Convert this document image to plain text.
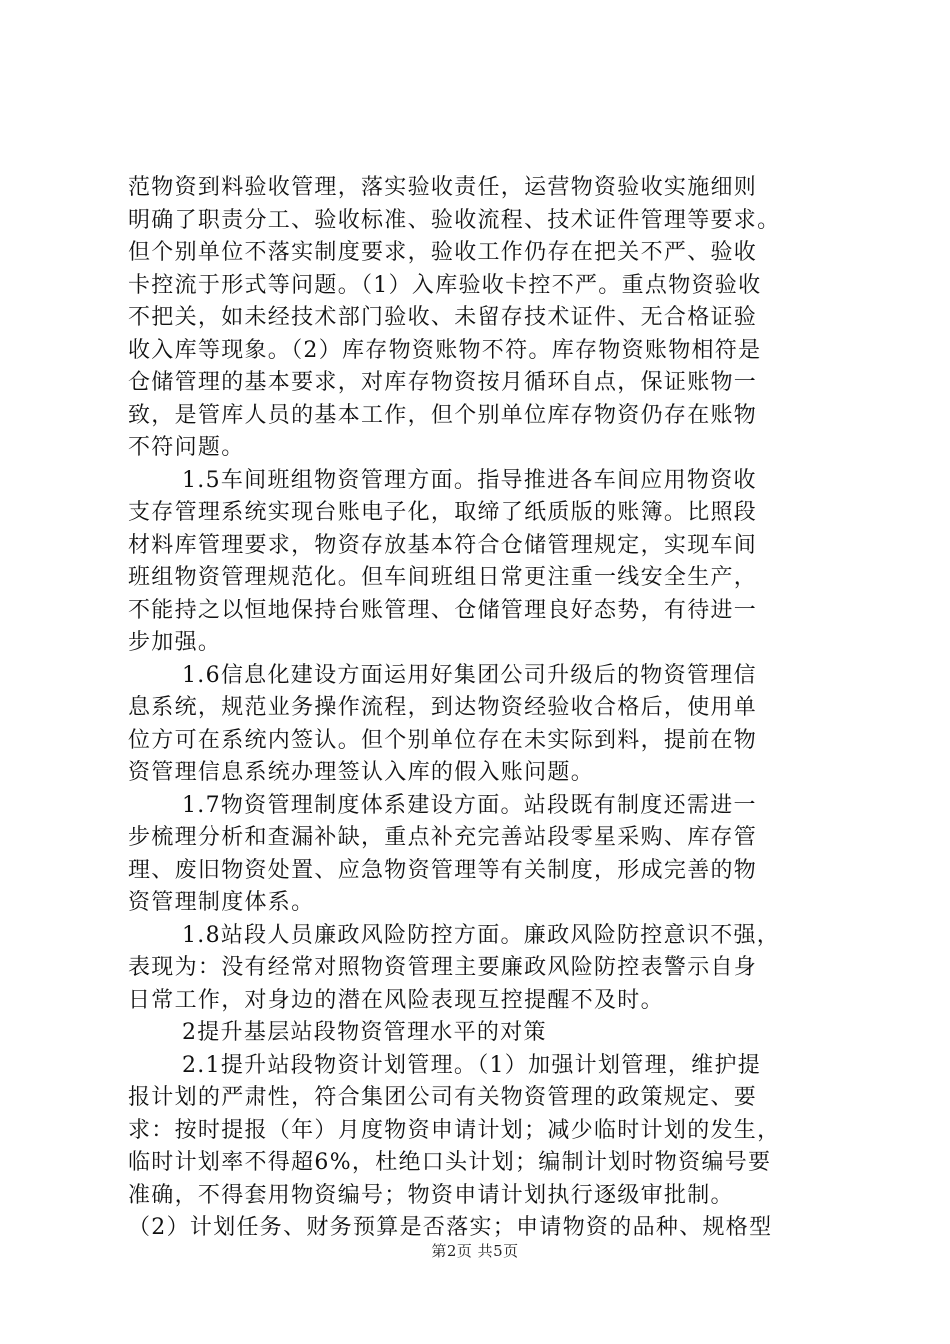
范物资到料验收管理，落实验收责任，运营物资验收实施细则
明确了职责分工、验收标准、验收流程、技术证件管理等要求。
但个别单位不落实制度要求，验收工作仍存在把关不严、验收
卡控流于形式等问题。（1）入库验收卡控不严。重点物资验收
不把关，如未经技术部门验收、未留存技术证件、无合格证验
收入库等现象。（2）库存物资账物不符。库存物资账物相符是
仓储管理的基本要求，对库存物资按月循环自点，保证账物一
致，是管库人员的基本工作，但个别单位库存物资仍存在账物
不符问题。
1.5车间班组物资管理方面。指导推进各车间应用物资收
支存管理系统实现台账电子化，取缔了纸质版的账簿。比照段
材料库管理要求，物资存放基本符合仓储管理规定，实现车间
班组物资管理规范化。但车间班组日常更注重一线安全生产，
不能持之以恒地保持台账管理、仓储管理良好态势，有待进一
步加强。
1.6信息化建设方面运用好集团公司升级后的物资管理信
息系统，规范业务操作流程，到达物资经验收合格后，使用单
位方可在系统内签认。但个别单位存在未实际到料，提前在物
资管理信息系统办理签认入库的假入账问题。
1.7物资管理制度体系建设方面。站段既有制度还需进一
步梳理分析和查漏补缺，重点补充完善站段零星采购、库存管
理、废旧物资处置、应急物资管理等有关制度，形成完善的物
资管理制度体系。
1.8站段人员廉政风险防控方面。廉政风险防控意识不强，
表现为：没有经常对照物资管理主要廉政风险防控表警示自身
日常工作，对身边的潜在风险表现互控提醒不及时。
2提升基层站段物资管理水平的对策
2.1提升站段物资计划管理。（1）加强计划管理，维护提
报计划的严肃性，符合集团公司有关物资管理的政策规定、要
求：按时提报（年）月度物资申请计划；减少临时计划的发生，
临时计划率不得超6%，杜绝口头计划；编制计划时物资编号要
准确，不得套用物资编号；物资申请计划执行逐级审批制。
（2）计划任务、财务预算是否落实；申请物资的品种、规格型
第2页 共5页
